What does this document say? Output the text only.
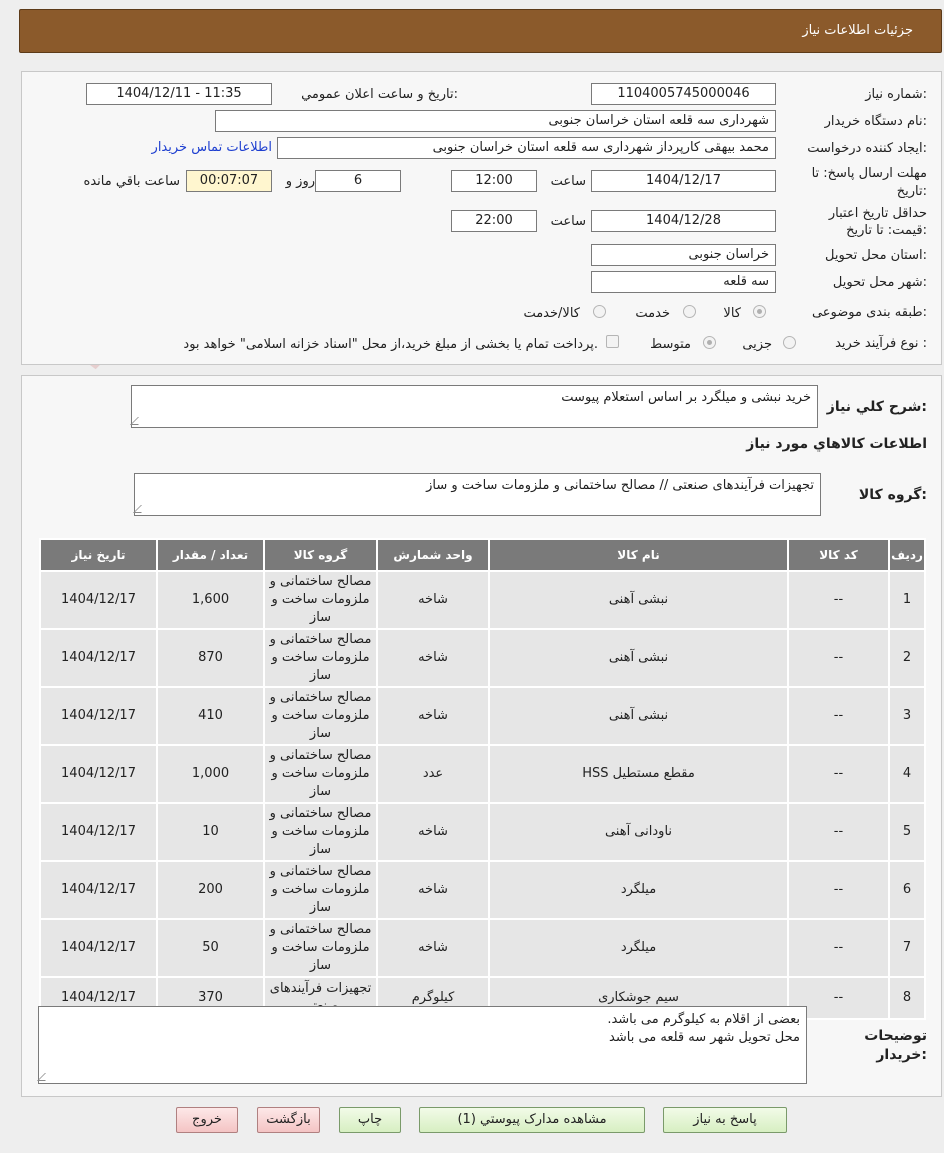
جزئیات اطلاعات نیاز
شماره نیاز:
1104005745000046
تاریخ و ساعت اعلان عمومي:
1404/12/11 - 11:35
نام دستگاه خریدار:
شهرداری سه قلعه استان خراسان جنوبی
ایجاد کننده درخواست:
محمد بیهقی کارپرداز شهرداری سه قلعه استان خراسان جنوبی
اطلاعات تماس خریدار
مهلت ارسال پاسخ: تا
تاریخ:
1404/12/17
ساعت
12:00
6
روز و
00:07:07
ساعت باقي مانده
حداقل تاریخ اعتبار
قیمت: تا تاریخ:
1404/12/28
ساعت
22:00
استان محل تحویل:
خراسان جنوبی
شهر محل تحویل:
سه قلعه
طبقه بندی موضوعی:
کالا
خدمت
کالا/خدمت
نوع فرآیند خرید :
جزیی
متوسط
پرداخت تمام یا بخشی از مبلغ خرید،از محل "اسناد خزانه اسلامی" خواهد بود.
شرح کلي نیاز:
خرید نبشی و میلگرد بر اساس استعلام پیوست
اطلاعات کالاهاي مورد نیاز
گروه کالا:
تجهیزات فرآیندهای صنعتی // مصالح ساختمانی و ملزومات ساخت و ساز
ردیف	کد کالا	نام کالا	واحد شمارش	گروه کالا	تعداد / مقدار	تاریخ نیاز
1	--	نبشی آهنی	شاخه	مصالح ساختمانی و ملزومات ساخت و ساز	1,600	1404/12/17
2	--	نبشی آهنی	شاخه	مصالح ساختمانی و ملزومات ساخت و ساز	870	1404/12/17
3	--	نبشی آهنی	شاخه	مصالح ساختمانی و ملزومات ساخت و ساز	410	1404/12/17
4	--	مقطع مستطیل HSS	عدد	مصالح ساختمانی و ملزومات ساخت و ساز	1,000	1404/12/17
5	--	ناودانی آهنی	شاخه	مصالح ساختمانی و ملزومات ساخت و ساز	10	1404/12/17
6	--	میلگرد	شاخه	مصالح ساختمانی و ملزومات ساخت و ساز	200	1404/12/17
7	--	میلگرد	شاخه	مصالح ساختمانی و ملزومات ساخت و ساز	50	1404/12/17
8	--	سیم جوشکاری	کیلوگرم	تجهیزات فرآیندهای	370	1404/12/17
توضیحات
خریدار:
بعضی از اقلام به کیلوگرم می باشد.
محل تحویل شهر سه قلعه می باشد
پاسخ به نیاز
مشاهده مدارک پیوستي (1)
چاپ
بازگشت
خروج
